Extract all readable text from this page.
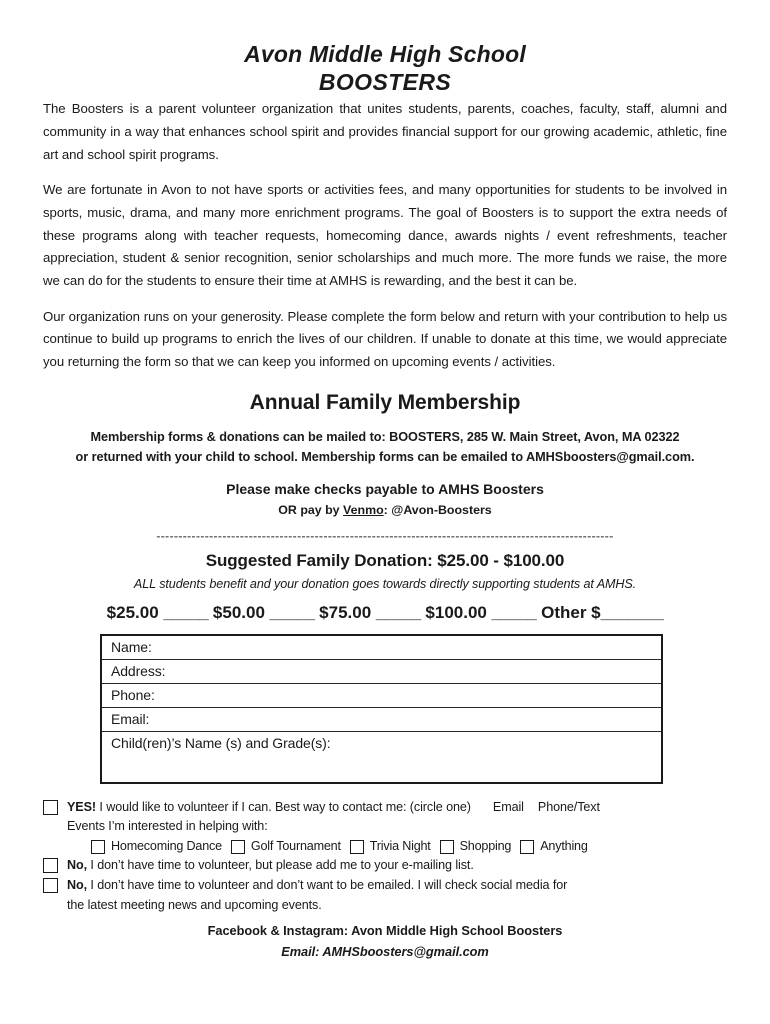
Avon Middle High School
BOOSTERS

The Boosters is a parent volunteer organization that unites students, parents, coaches, faculty, staff, alumni and community in a way that enhances school spirit and provides financial support for our growing academic, athletic, fine art and school spirit programs.

We are fortunate in Avon to not have sports or activities fees, and many opportunities for students to be involved in sports, music, drama, and many more enrichment programs. The goal of Boosters is to support the extra needs of these programs along with teacher requests, homecoming dance, awards nights / event refreshments, teacher appreciation, student & senior recognition, senior scholarships and much more. The more funds we raise, the more we can do for the students to ensure their time at AMHS is rewarding, and the best it can be.

Our organization runs on your generosity. Please complete the form below and return with your contribution to help us continue to build up programs to enrich the lives of our children. If unable to donate at this time, we would appreciate you returning the form so that we can keep you informed on upcoming events / activities.

Annual Family Membership
Membership forms & donations can be mailed to: BOOSTERS, 285 W. Main Street, Avon, MA 02322
or returned with your child to school. Membership forms can be emailed to AMHSboosters@gmail.com.
Please make checks payable to AMHS Boosters
OR pay by Venmo: @Avon-Boosters
--------------------------------------------------------------------------------------------------------
Suggested Family Donation: $25.00 - $100.00
ALL students benefit and your donation goes towards directly supporting students at AMHS.
$25.00 _____ $50.00 _____ $75.00 _____ $100.00 _____ Other $_______
Name:
Address:
Phone:
Email:
Child(ren)’s Name (s) and Grade(s):
YES! I would like to volunteer if I can. Best way to contact me: (circle one) Email Phone/Text
Events I’m interested in helping with:
Homecoming Dance Golf Tournament Trivia Night Shopping Anything
No, I don’t have time to volunteer, but please add me to your e-mailing list.
No, I don’t have time to volunteer and don’t want to be emailed. I will check social media for
the latest meeting news and upcoming events.
Facebook & Instagram: Avon Middle High School Boosters
Email: AMHSboosters@gmail.com
